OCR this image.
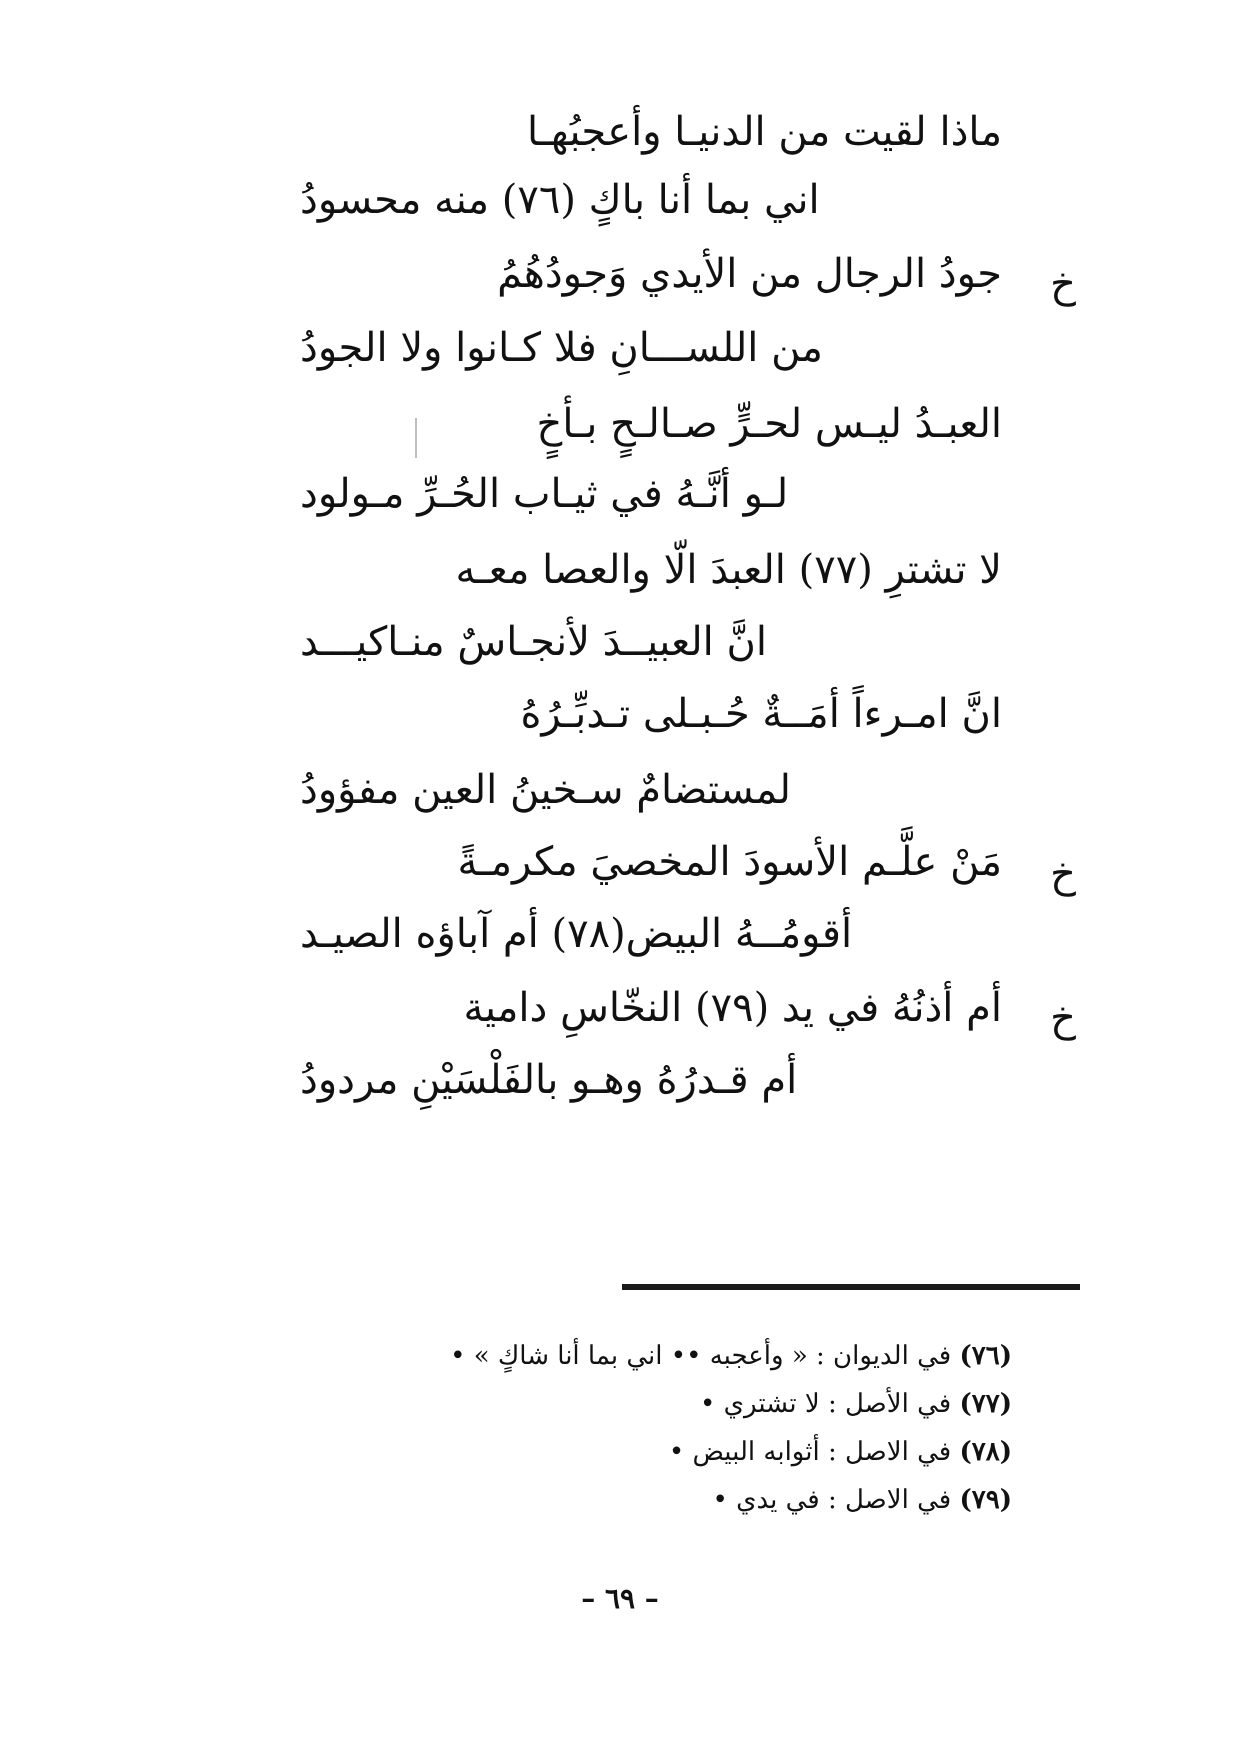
ماذا لقيت من الدنيـا وأعجبُهـا
اني بما أنا باكٍ (٧٦) منه محسودُ
خ
جودُ الرجال من الأيدي وَجودُهُمُ
من اللســـانِ فلا كـانوا ولا الجودُ
العبـدُ ليـس لحـرٍّ صـالـحٍ بـأخٍ
لـو أنَّـهُ في ثيـاب الحُـرِّ مـولود
لا تشترِ (٧٧) العبدَ الّا والعصا معـه
انَّ العبيــدَ لأنجـاسٌ منـاكيـــد
انَّ امـرءاً أمَــةٌ حُـبـلى تـدبِّـرُهُ
لمستضامٌ سـخينُ العين مفؤودُ
خ
مَنْ علَّـم الأسودَ المخصيَ مكرمـةً
أقومُــهُ البيض(٧٨) أم آباؤه الصيـد
خ
أم أذنُهُ في يد (٧٩) النخّاسِ دامية
أم قـدرُهُ وهـو بالفَلْسَيْنِ مردودُ
(٧٦) في الديوان : « وأعجبه •• اني بما أنا شاكٍ » •
(٧٧) في الأصل : لا تشتري •
(٧٨) في الاصل : أثوابه البيض •
(٧٩) في الاصل : في يدي •
– ٦٩ –
